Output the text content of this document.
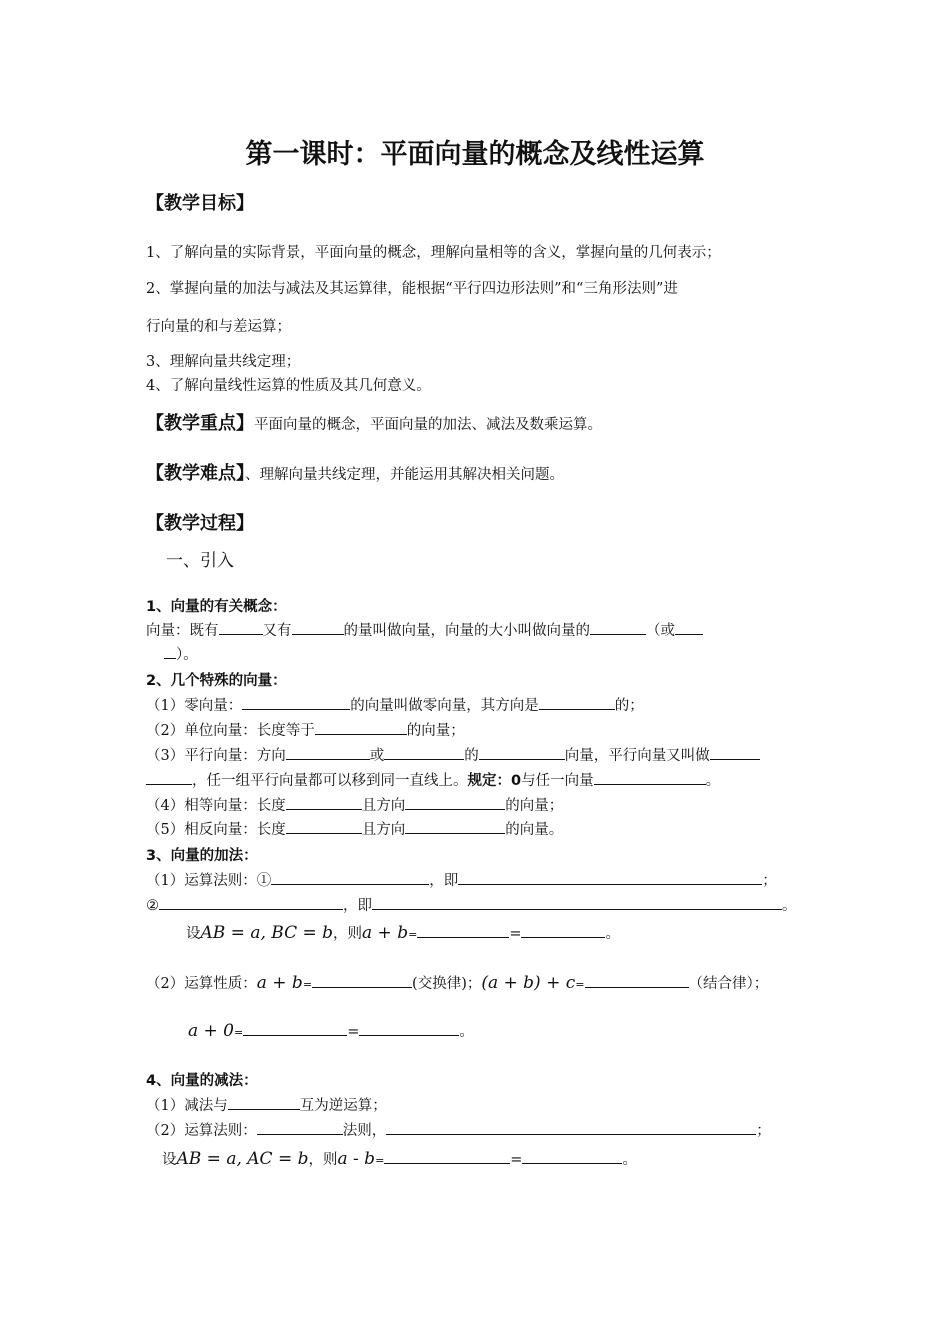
第一课时：平面向量的概念及线性运算
【教学目标】
1、了解向量的实际背景，平面向量的概念，理解向量相等的含义，掌握向量的几何表示；
2、掌握向量的加法与减法及其运算律，能根据“平行四边形法则”和“三角形法则”进
行向量的和与差运算；
3、理解向量共线定理；
4、了解向量线性运算的性质及其几何意义。
【教学重点】平面向量的概念，平面向量的加法、减法及数乘运算。
【教学难点】、理解向量共线定理，并能运用其解决相关问题。
【教学过程】
一、引入
1、向量的有关概念：
向量：既有	又有	的量叫做向量，向量的大小叫做向量的	（或
）。
2、几个特殊的向量：
（1）零向量：	的向量叫做零向量，其方向是	的；
（2）单位向量：长度等于	的向量；
（3）平行向量：方向	或	的	向量，平行向量又叫做
，任一组平行向量都可以移到同一直线上。规定：0与任一向量	。
（4）相等向量：长度	且方向	的向量；
（5）相反向量：长度	且方向	的向量。
3、向量的加法：
（1）运算法则：①	，即	；
②	，即	。
设AB = a, BC = b，则a + b=	=	。
（2）运算性质：a + b=	(交换律)；(a + b) + c=	（结合律）；
a + 0=	=	。
4、向量的减法：
（1）减法与	互为逆运算；
（2）运算法则：	法则，	；
设AB = a, AC = b，则a - b=	=	。
